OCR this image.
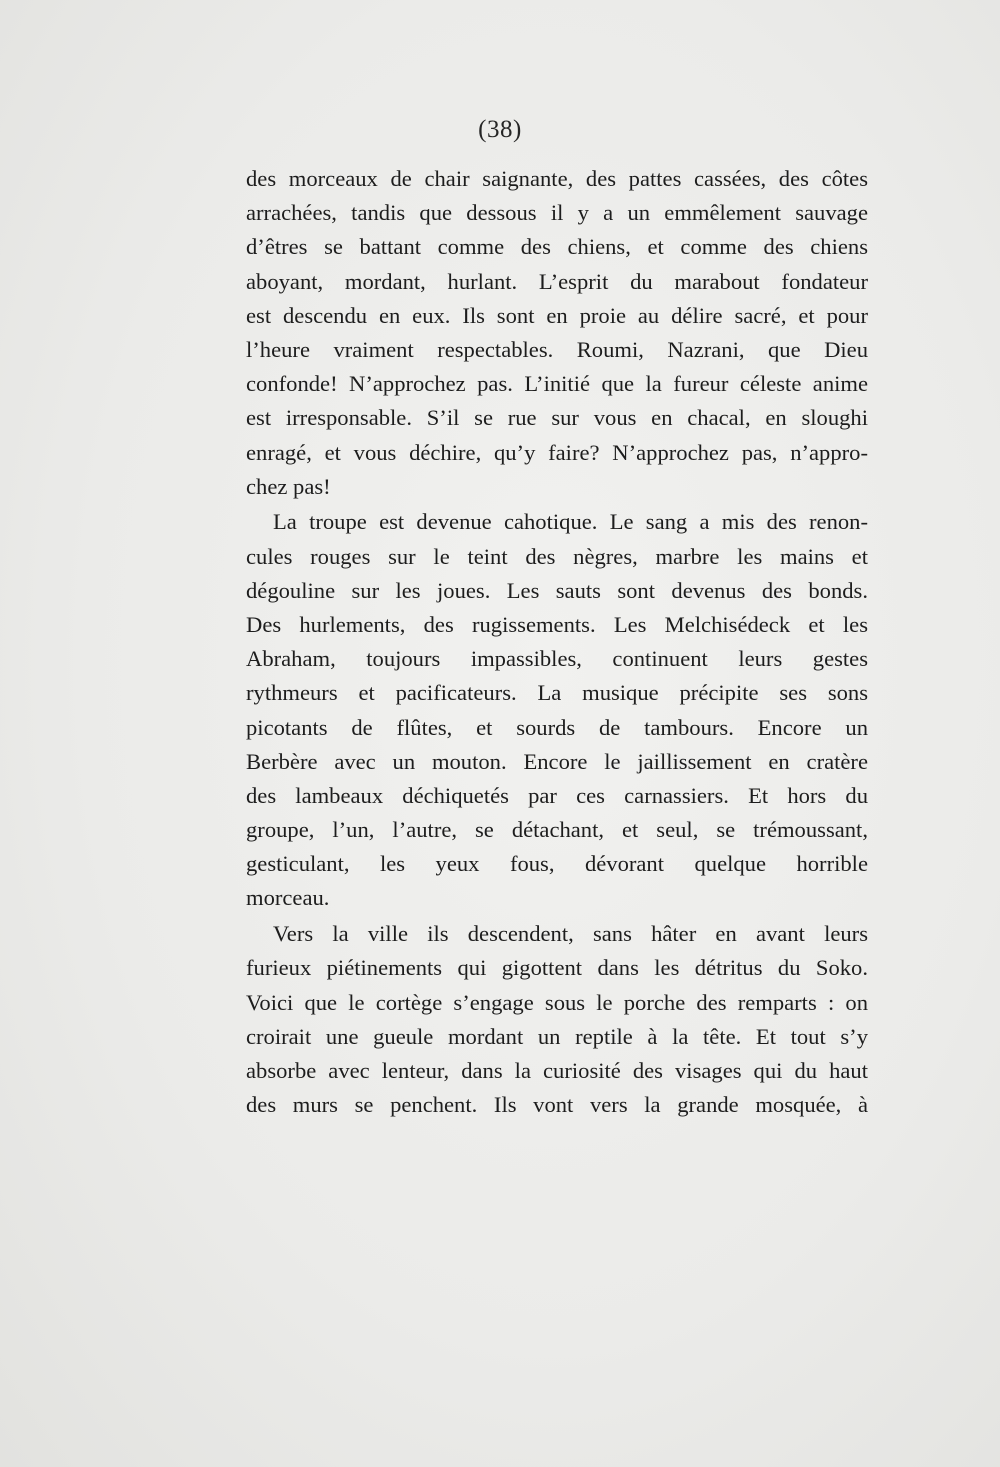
(38)
des morceaux de chair saignante, des pattes cassées, des côtes
arrachées, tandis que dessous il y a un emmêlement sauvage
d’êtres se battant comme des chiens, et comme des chiens
aboyant, mordant, hurlant. L’esprit du marabout fondateur
est descendu en eux. Ils sont en proie au délire sacré, et pour
l’heure vraiment respectables. Roumi, Nazrani, que Dieu
confonde! N’approchez pas. L’initié que la fureur céleste anime
est irresponsable. S’il se rue sur vous en chacal, en sloughi
enragé, et vous déchire, qu’y faire? N’approchez pas, n’appro-
chez pas!
La troupe est devenue cahotique. Le sang a mis des renon-
cules rouges sur le teint des nègres, marbre les mains et
dégouline sur les joues. Les sauts sont devenus des bonds.
Des hurlements, des rugissements. Les Melchisédeck et les
Abraham, toujours impassibles, continuent leurs gestes
rythmeurs et pacificateurs. La musique précipite ses sons
picotants de flûtes, et sourds de tambours. Encore un
Berbère avec un mouton. Encore le jaillissement en cratère
des lambeaux déchiquetés par ces carnassiers. Et hors du
groupe, l’un, l’autre, se détachant, et seul, se trémoussant,
gesticulant, les yeux fous, dévorant quelque horrible
morceau.
Vers la ville ils descendent, sans hâter en avant leurs
furieux piétinements qui gigottent dans les détritus du Soko.
Voici que le cortège s’engage sous le porche des remparts : on
croirait une gueule mordant un reptile à la tête. Et tout s’y
absorbe avec lenteur, dans la curiosité des visages qui du haut
des murs se penchent. Ils vont vers la grande mosquée, à
